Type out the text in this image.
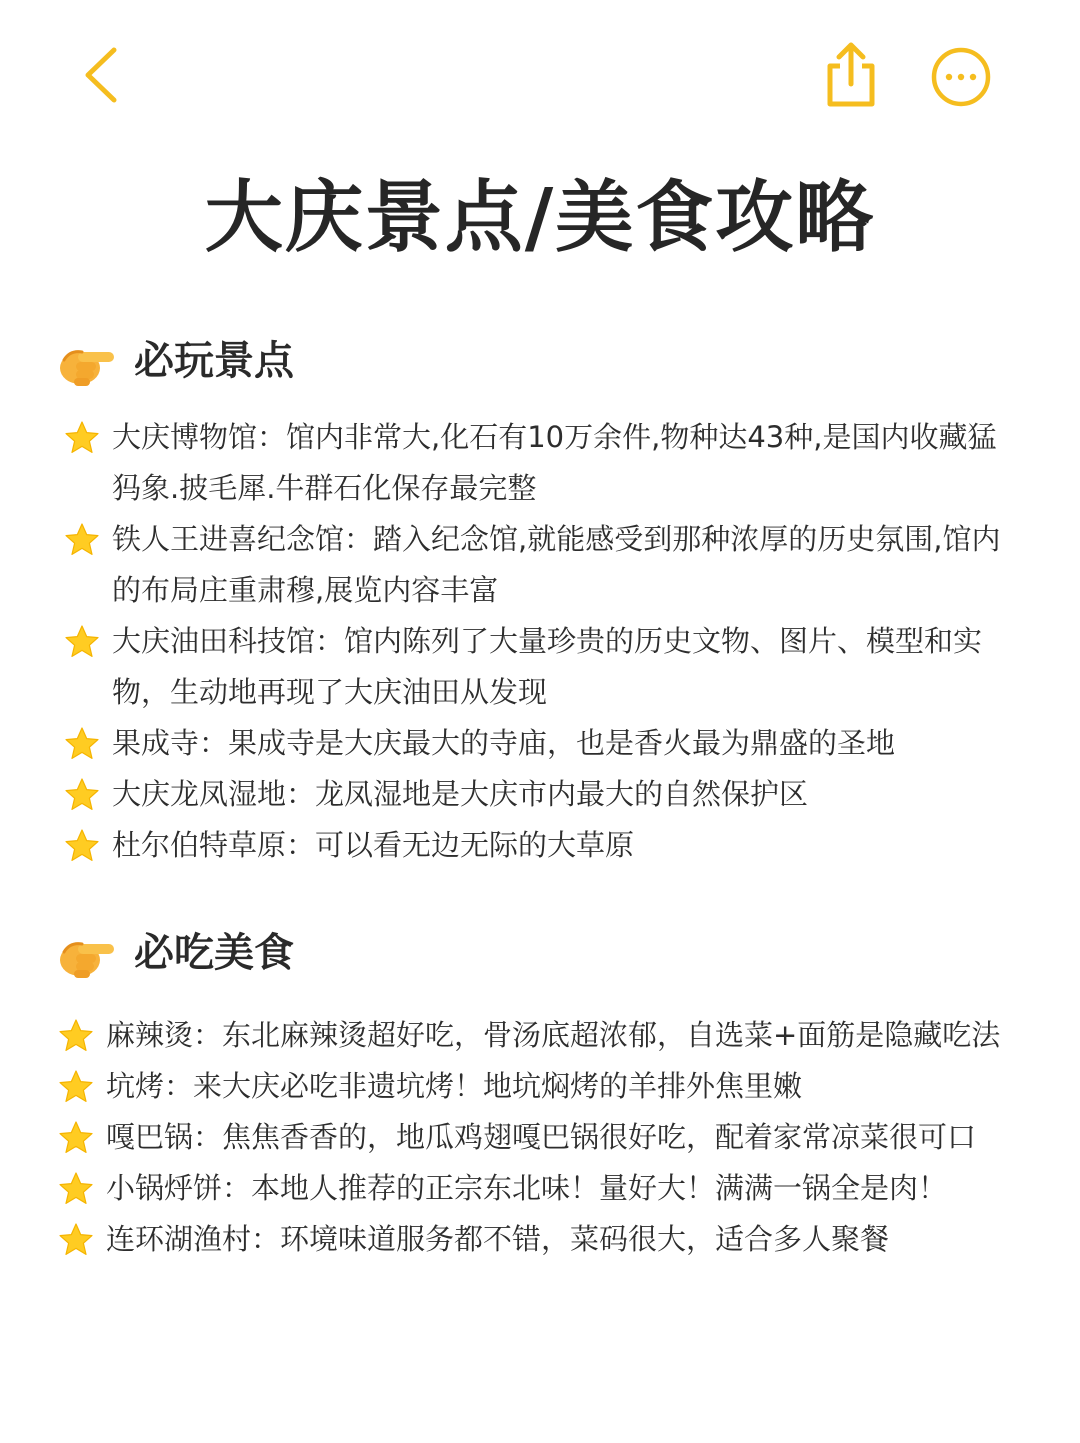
大庆景点/美食攻略
必玩景点
大庆博物馆：馆内非常大,化石有10万余件,物种达43种,是国内收藏猛犸象.披毛犀.牛群石化保存最完整
铁人王进喜纪念馆：踏入纪念馆,就能感受到那种浓厚的历史氛围,馆内的布局庄重肃穆,展览内容丰富
大庆油田科技馆：馆内陈列了大量珍贵的历史文物、图片、模型和实物，生动地再现了大庆油田从发现
果成寺：果成寺是大庆最大的寺庙，也是香火最为鼎盛的圣地
大庆龙凤湿地：龙凤湿地是大庆市内最大的自然保护区
杜尔伯特草原：可以看无边无际的大草原
必吃美食
麻辣烫：东北麻辣烫超好吃，骨汤底超浓郁，自选菜+面筋是隐藏吃法
坑烤：来大庆必吃非遗坑烤！地坑焖烤的羊排外焦里嫩
嘎巴锅：焦焦香香的，地瓜鸡翅嘎巴锅很好吃，配着家常凉菜很可口
小锅烀饼：本地人推荐的正宗东北味！量好大！满满一锅全是肉！
连环湖渔村：环境味道服务都不错，菜码很大，适合多人聚餐
